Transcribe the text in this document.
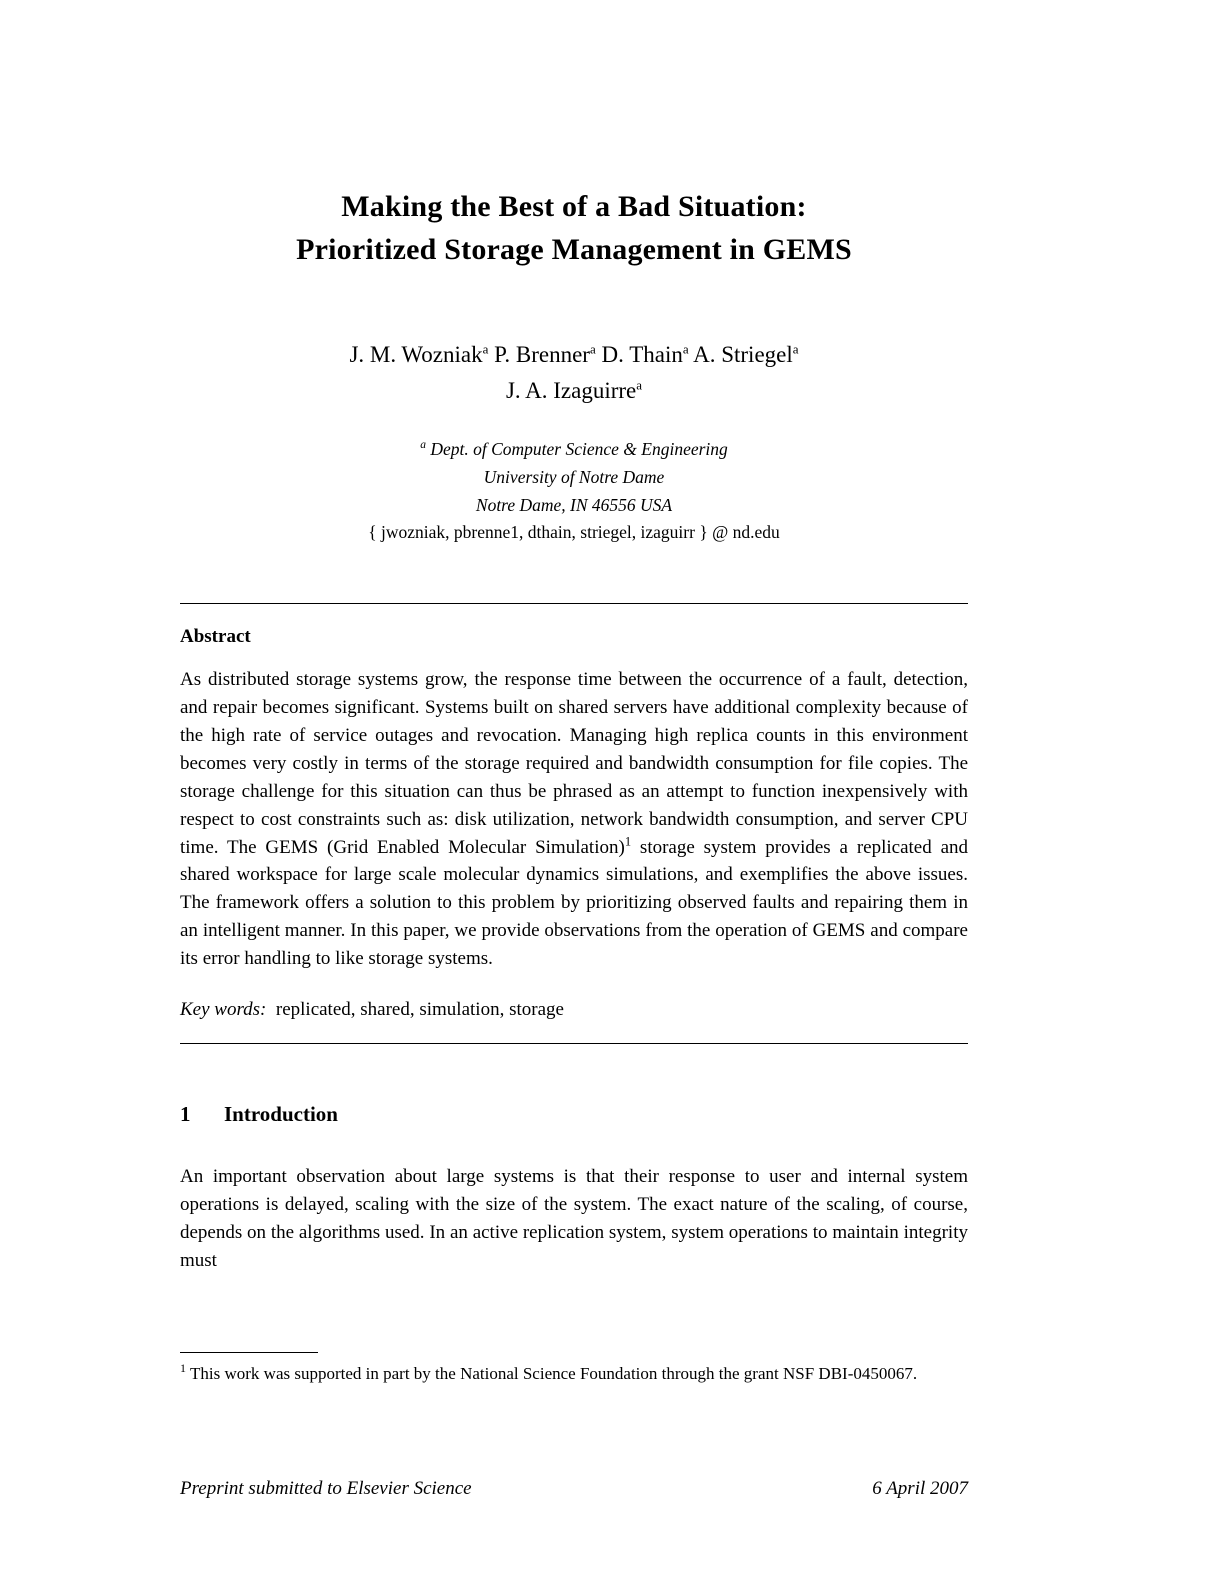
Making the Best of a Bad Situation:
Prioritized Storage Management in GEMS
J. M. Wozniak$^a$ P. Brenner$^a$ D. Thain$^a$ A. Striegel$^a$
J. A. Izaguirre$^a$
$^a$ Dept. of Computer Science & Engineering
University of Notre Dame
Notre Dame, IN 46556 USA
{ jwozniak, pbrenne1, dthain, striegel, izaguirr } @ nd.edu
Abstract
As distributed storage systems grow, the response time between the occurrence of a fault, detection, and repair becomes significant. Systems built on shared servers have additional complexity because of the high rate of service outages and revocation. Managing high replica counts in this environment becomes very costly in terms of the storage required and bandwidth consumption for file copies. The storage challenge for this situation can thus be phrased as an attempt to function inexpensively with respect to cost constraints such as: disk utilization, network bandwidth consumption, and server CPU time. The GEMS (Grid Enabled Molecular Simulation)$^1$ storage system provides a replicated and shared workspace for large scale molecular dynamics simulations, and exemplifies the above issues. The framework offers a solution to this problem by prioritizing observed faults and repairing them in an intelligent manner. In this paper, we provide observations from the operation of GEMS and compare its error handling to like storage systems.
Key words: replicated, shared, simulation, storage
1 Introduction
An important observation about large systems is that their response to user and internal system operations is delayed, scaling with the size of the system. The exact nature of the scaling, of course, depends on the algorithms used. In an active replication system, system operations to maintain integrity must
$^1$ This work was supported in part by the National Science Foundation through the grant NSF DBI-0450067.
Preprint submitted to Elsevier Science	6 April 2007
